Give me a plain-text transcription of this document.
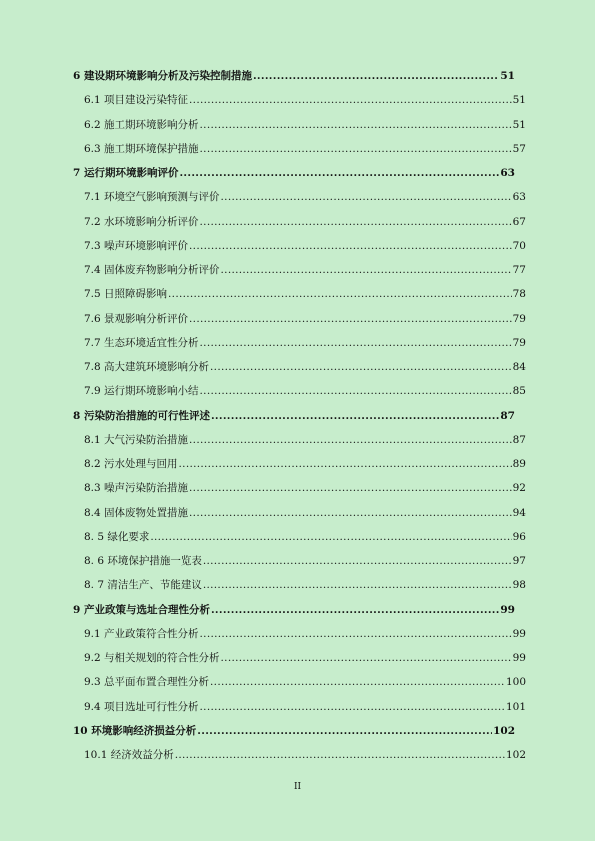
6 建设期环境影响分析及污染控制措施 .....	51
6.1 项目建设污染特征 .....	51
6.2 施工期环境影响分析 .....	51
6.3 施工期环境保护措施 .....	57
7 运行期环境影响评价 .....	63
7.1 环境空气影响预测与评价 .....	63
7.2 水环境影响分析评价 .....	67
7.3 噪声环境影响评价 .....	70
7.4 固体废弃物影响分析评价 .....	77
7.5 日照障碍影响 .....	78
7.6 景观影响分析评价 .....	79
7.7 生态环境适宜性分析 .....	79
7.8 高大建筑环境影响分析 .....	84
7.9 运行期环境影响小结 .....	85
8 污染防治措施的可行性评述 .....	87
8.1 大气污染防治措施 .....	87
8.2 污水处理与回用 .....	89
8.3 噪声污染防治措施 .....	92
8.4 固体废物处置措施 .....	94
8. 5 绿化要求 .....	96
8. 6 环境保护措施一览表 .....	97
8. 7 清洁生产、节能建议 .....	98
9 产业政策与选址合理性分析 .....	99
9.1 产业政策符合性分析 .....	99
9.2 与相关规划的符合性分析 .....	99
9.3 总平面布置合理性分析 .....	100
9.4 项目选址可行性分析 .....	101
10 环境影响经济损益分析 .....	102
10.1 经济效益分析 .....	102
II
